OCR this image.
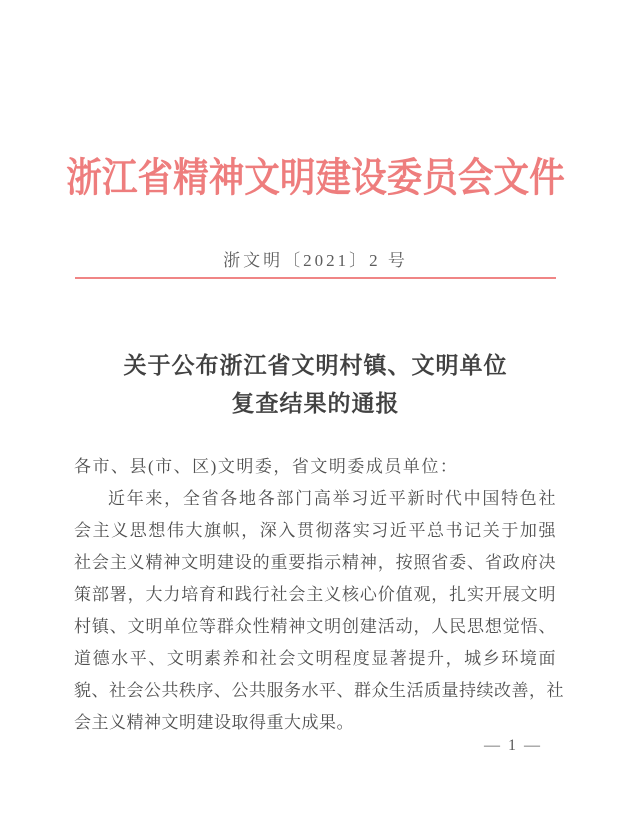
浙江省精神文明建设委员会文件
浙文明〔2021〕2 号
关于公布浙江省文明村镇、文明单位
复查结果的通报
各市、县(市、区)文明委，省文明委成员单位：
近年来，全省各地各部门高举习近平新时代中国特色社
会主义思想伟大旗帜，深入贯彻落实习近平总书记关于加强
社会主义精神文明建设的重要指示精神，按照省委、省政府决
策部署，大力培育和践行社会主义核心价值观，扎实开展文明
村镇、文明单位等群众性精神文明创建活动，人民思想觉悟、
道德水平、文明素养和社会文明程度显著提升，城乡环境面
貌、社会公共秩序、公共服务水平、群众生活质量持续改善，社
会主义精神文明建设取得重大成果。
— 1 —
